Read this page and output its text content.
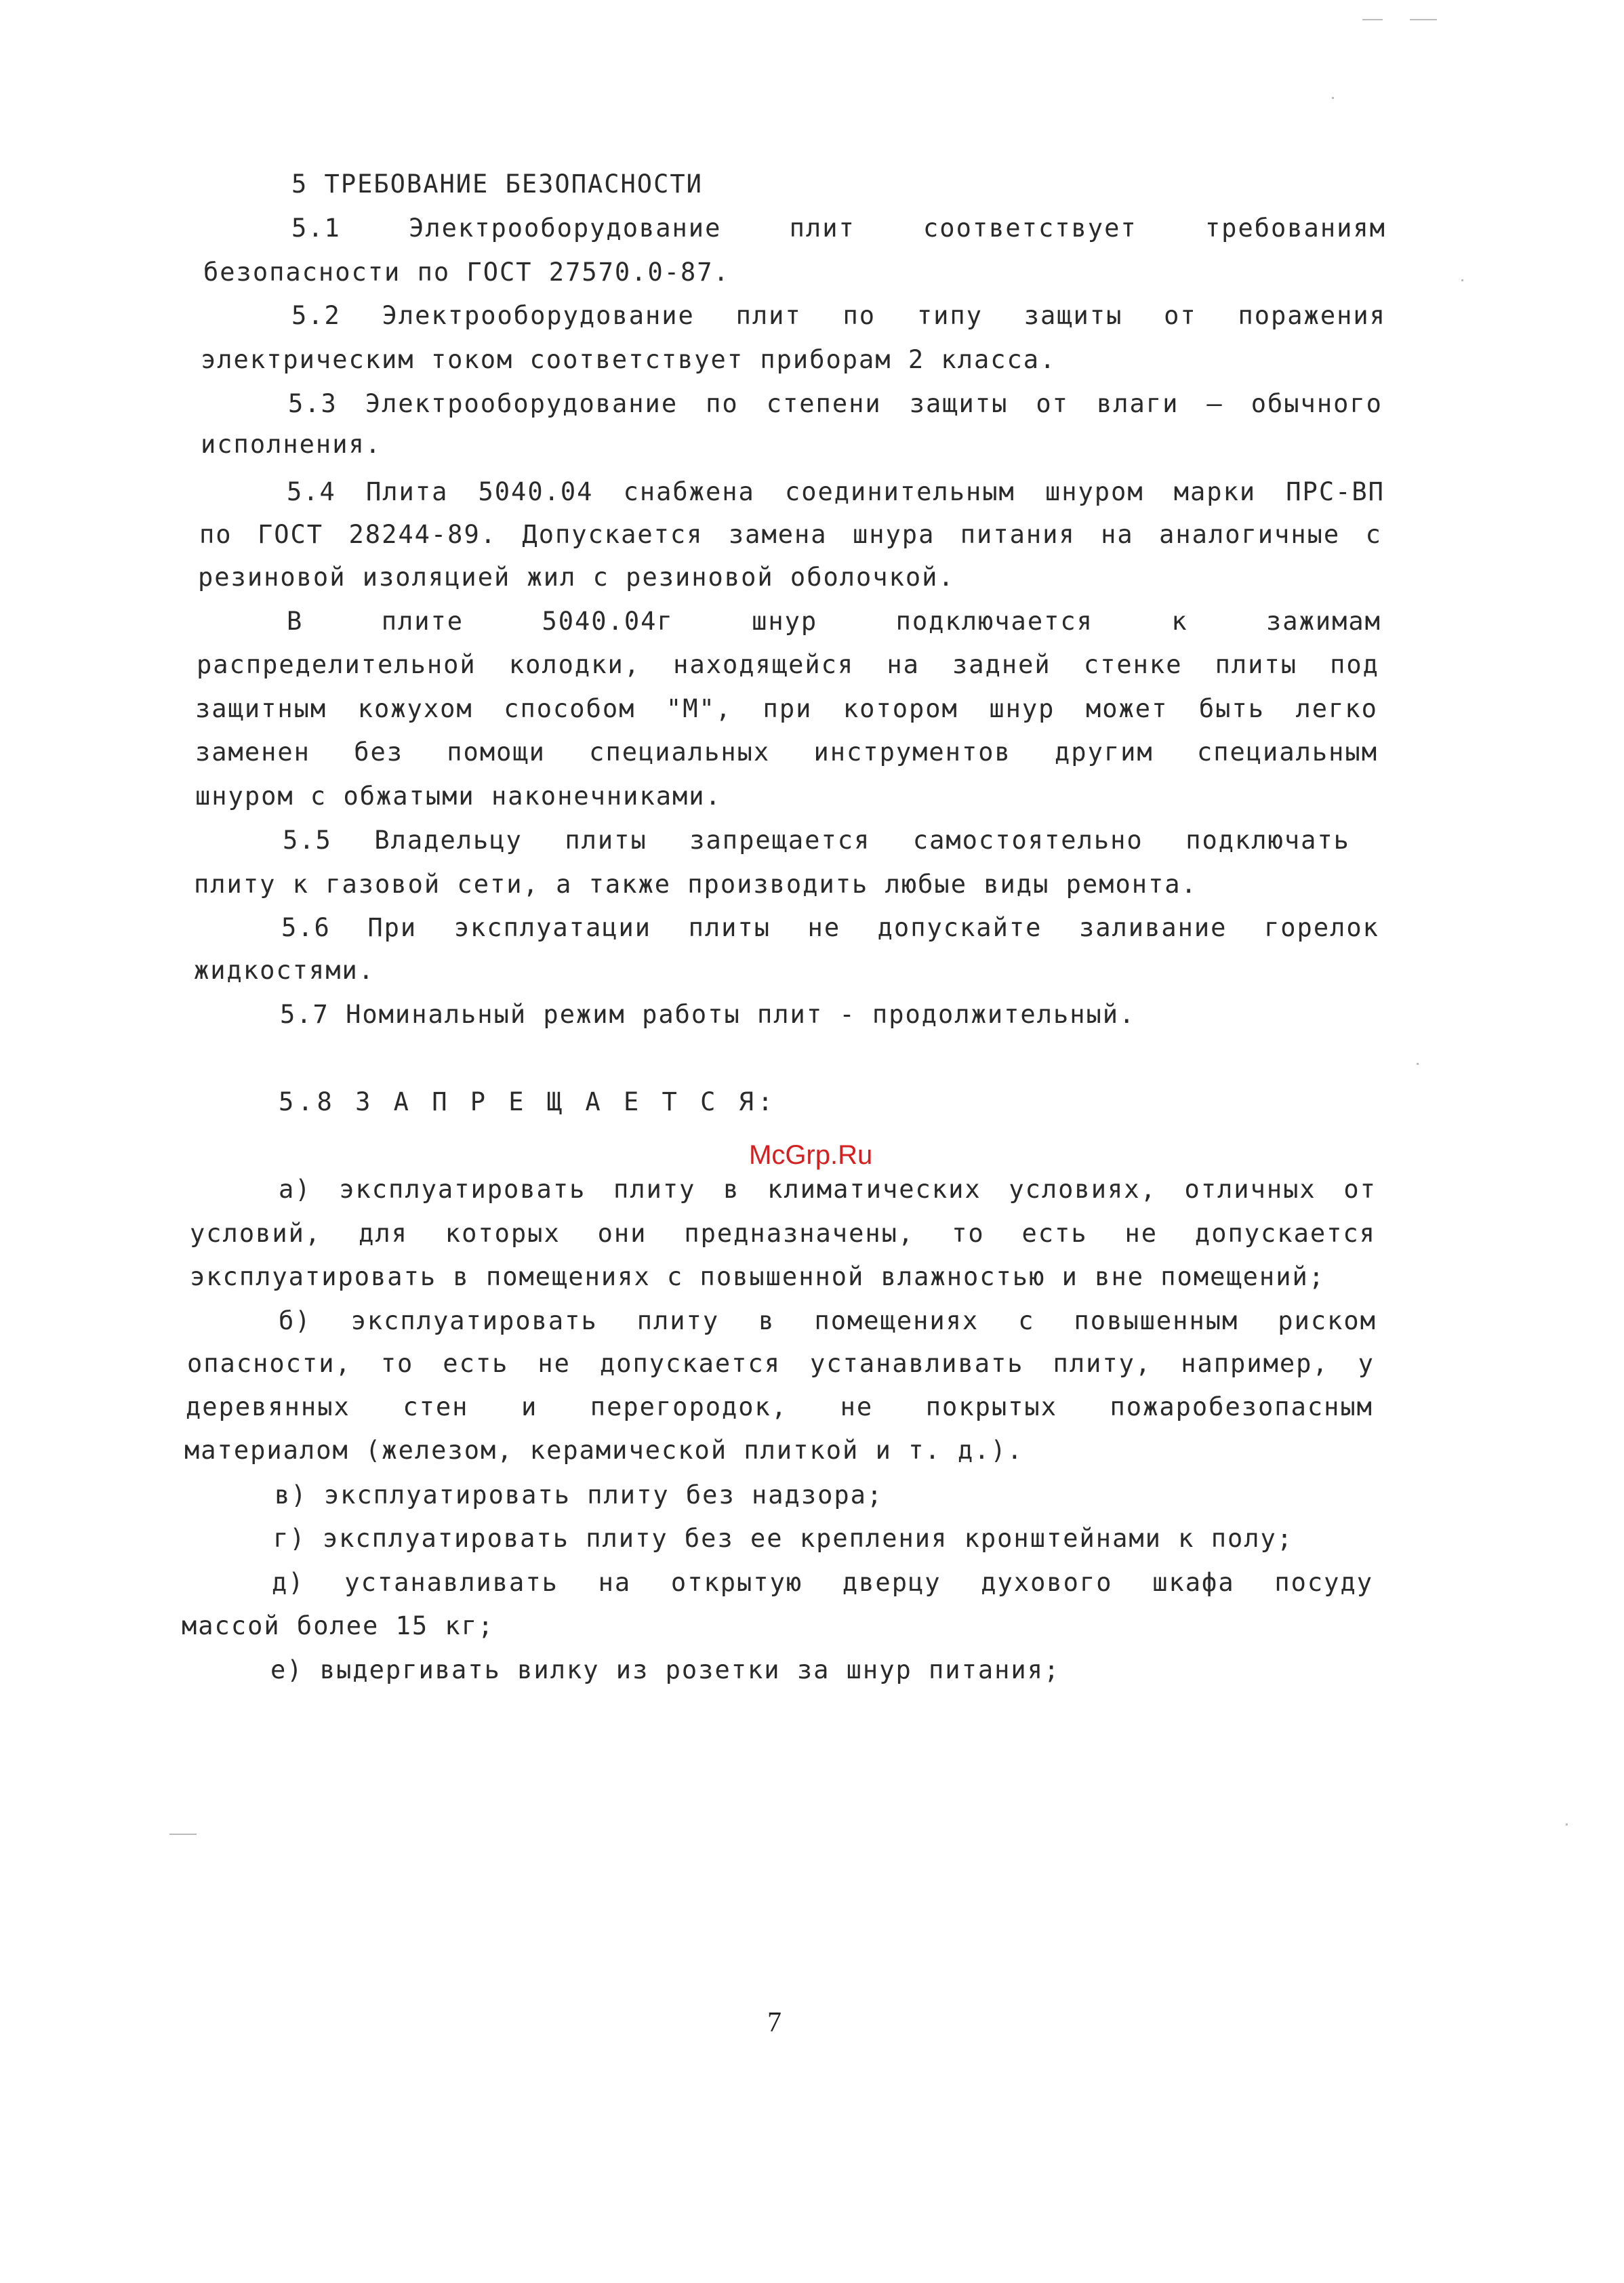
5 ТРЕБОВАНИЕ БЕЗОПАСНОСТИ
5.1	Электрооборудование	плит	соответствует	требованиям
безопасности по ГОСТ 27570.0-87.
5.2 Электрооборудование плит по типу защиты от поражения
электрическим током соответствует приборам 2 класса.
5.3 Электрооборудование по степени защиты от влаги — обычного
исполнения.
5.4 Плита 5040.04 снабжена соединительным шнуром марки ПРС-ВП
по ГОСТ 28244-89. Допускается замена шнура питания на аналогичные с
резиновой изоляцией жил с резиновой оболочкой.
В	плите	5040.04г	шнур	подключается	к	зажимам
распределительной колодки, находящейся на задней стенке плиты под
защитным кожухом способом "М", при котором шнур может быть легко
заменен без помощи специальных инструментов другим специальным
шнуром с обжатыми наконечниками.
5.5 Владельцу плиты запрещается самостоятельно подключать
плиту к газовой сети, а также производить любые виды ремонта.
5.6 При эксплуатации плиты не допускайте заливание горелок
жидкостями.
5.7 Номинальный режим работы плит - продолжительный.
5.8 З А П Р Е Щ А Е Т С Я:
McGrp.Ru
а) эксплуатировать плиту в климатических условиях, отличных от
условий, для которых они предназначены, то есть не допускается
эксплуатировать в помещениях с повышенной влажностью и вне помещений;
б) эксплуатировать плиту в помещениях с повышенным риском
опасности, то есть не допускается устанавливать плиту, например, у
деревянных стен и перегородок, не покрытых пожаробезопасным
материалом (железом, керамической плиткой и т. д.).
в) эксплуатировать плиту без надзора;
г) эксплуатировать плиту без ее крепления кронштейнами к полу;
д) устанавливать на открытую дверцу духового шкафа посуду
массой более 15 кг;
е) выдергивать вилку из розетки за шнур питания;
7
